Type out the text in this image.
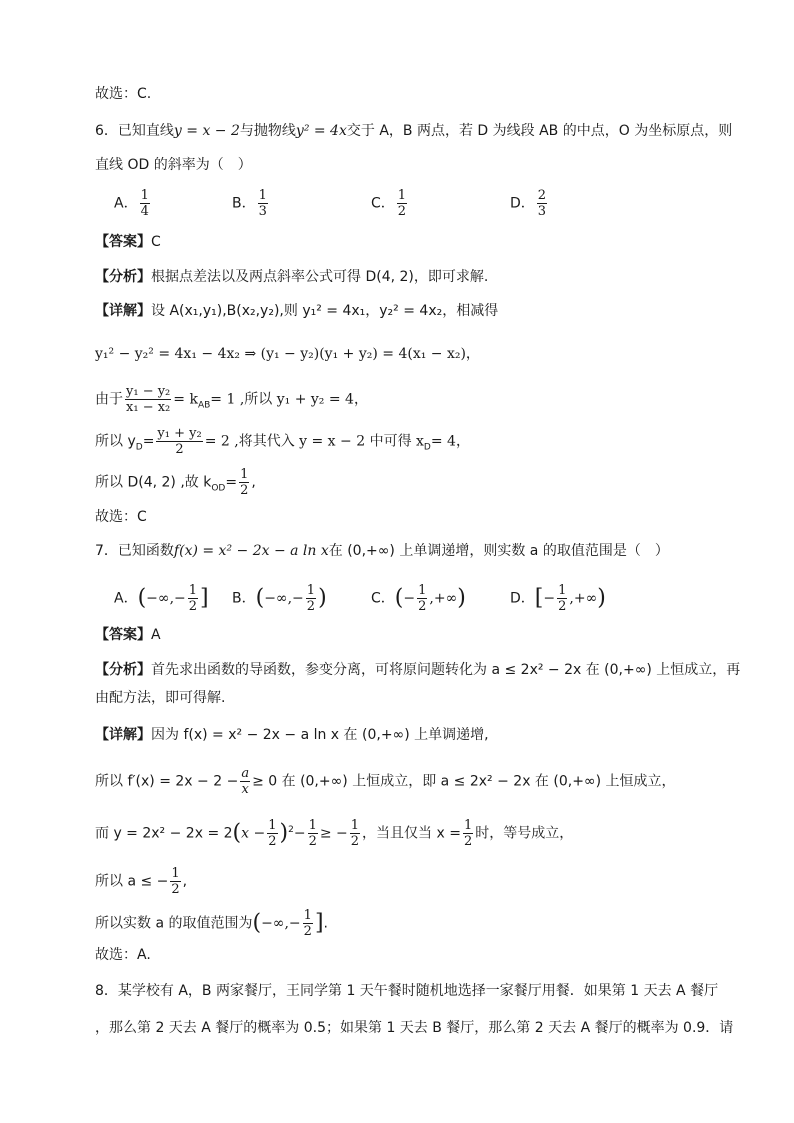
故选：C.
6．已知直线y = x − 2与抛物线y² = 4x交于 A，B 两点，若 D 为线段 AB 的中点，O 为坐标原点，则
直线 OD 的斜率为（　）
A． $\frac{1}{4}$	B． $\frac{1}{3}$	C． $\frac{1}{2}$	D． $\frac{2}{3}$
【答案】C
【分析】根据点差法以及两点斜率公式可得 D(4, 2)，即可求解.
【详解】设 A(x₁,y₁),B(x₂,y₂),则 y₁² = 4x₁，y₂² = 4x₂，相减得
y₁² − y₂² = 4x₁ − 4x₂ ⇒ (y₁ − y₂)(y₁ + y₂) = 4(x₁ − x₂)，
由于 $\frac{\text{y₁ − y₂}}{\text{x₁ − x₂}} = k_{AB}= 1$ ,所以 y₁ + y₂ = 4，
所以 $y_D= \frac{\text{y₁ + y₂}}{2} = 2$ ,将其代入 y = x − 2 中可得 $x_D= 4$，
所以 D(4, 2) ,故 $k_{OD}= \frac{1}{2}$ ,
故选：C
7．已知函数f(x) = x² − 2x − a ln x在 (0,+∞) 上单调递增，则实数 a 的取值范围是（　）
A．(−∞,− $\frac{1}{2}$ ] B．(−∞,− $\frac{1}{2}$ )	C．(− $\frac{1}{2}$ ,+∞)	D．[− $\frac{1}{2}$ ,+∞)
【答案】A
【分析】首先求出函数的导函数，参变分离，可将原问题转化为 a ≤ 2x² − 2x 在 (0,+∞) 上恒成立，再
由配方法，即可得解.
【详解】因为 f(x) = x² − 2x − a ln x 在 (0,+∞) 上单调递增,
所以 $f'(x) = 2x - 2 - \frac{a}{x} \ge 0$ 在 (0,+∞) 上恒成立，即 a ≤ 2x² − 2x 在 (0,+∞) 上恒成立，
而 $y = 2x^2 - 2x = 2(x - \frac{1}{2} )^2- \frac{1}{2}$ ≥ − $\frac{1}{2}$ ，当且仅当 $x = \frac{1}{2}$ 时，等号成立，
所以 a ≤ − $\frac{1}{2}$ ,
所以实数 a 的取值范围为(−∞,− $\frac{1}{2}$ ].
故选：A.
8．某学校有 A，B 两家餐厅，王同学第 1 天午餐时随机地选择一家餐厅用餐．如果第 1 天去 A 餐厅
，那么第 2 天去 A 餐厅的概率为 0.5；如果第 1 天去 B 餐厅，那么第 2 天去 A 餐厅的概率为 0.9．请
